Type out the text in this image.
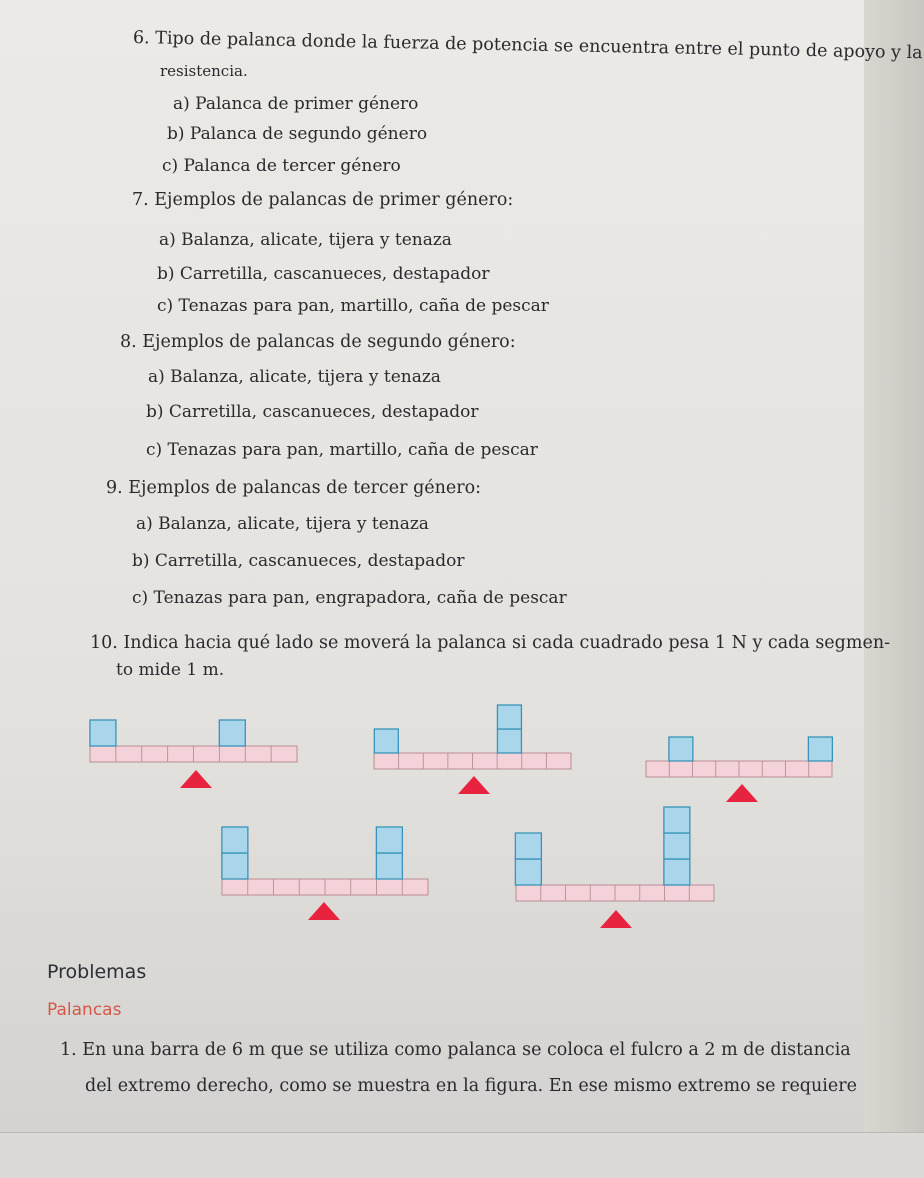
6. Tipo de palanca donde la fuerza de potencia se encuentra entre el punto de apoyo y la
resistencia.
a) Palanca de primer género
b) Palanca de segundo género
c) Palanca de tercer género
7. Ejemplos de palancas de primer género:
a) Balanza, alicate, tijera y tenaza
b) Carretilla, cascanueces, destapador
c) Tenazas para pan, martillo, caña de pescar
8. Ejemplos de palancas de segundo género:
a) Balanza, alicate, tijera y tenaza
b) Carretilla, cascanueces, destapador
c) Tenazas para pan, martillo, caña de pescar
9. Ejemplos de palancas de tercer género:
a) Balanza, alicate, tijera y tenaza
b) Carretilla, cascanueces, destapador
c) Tenazas para pan, engrapadora, caña de pescar
10. Indica hacia qué lado se moverá la palanca si cada cuadrado pesa 1 N y cada segmen-
to mide 1 m.
Problemas
Palancas
1. En una barra de 6 m que se utiliza como palanca se coloca el fulcro a 2 m de distancia
del extremo derecho, como se muestra en la figura. En ese mismo extremo se requiere
